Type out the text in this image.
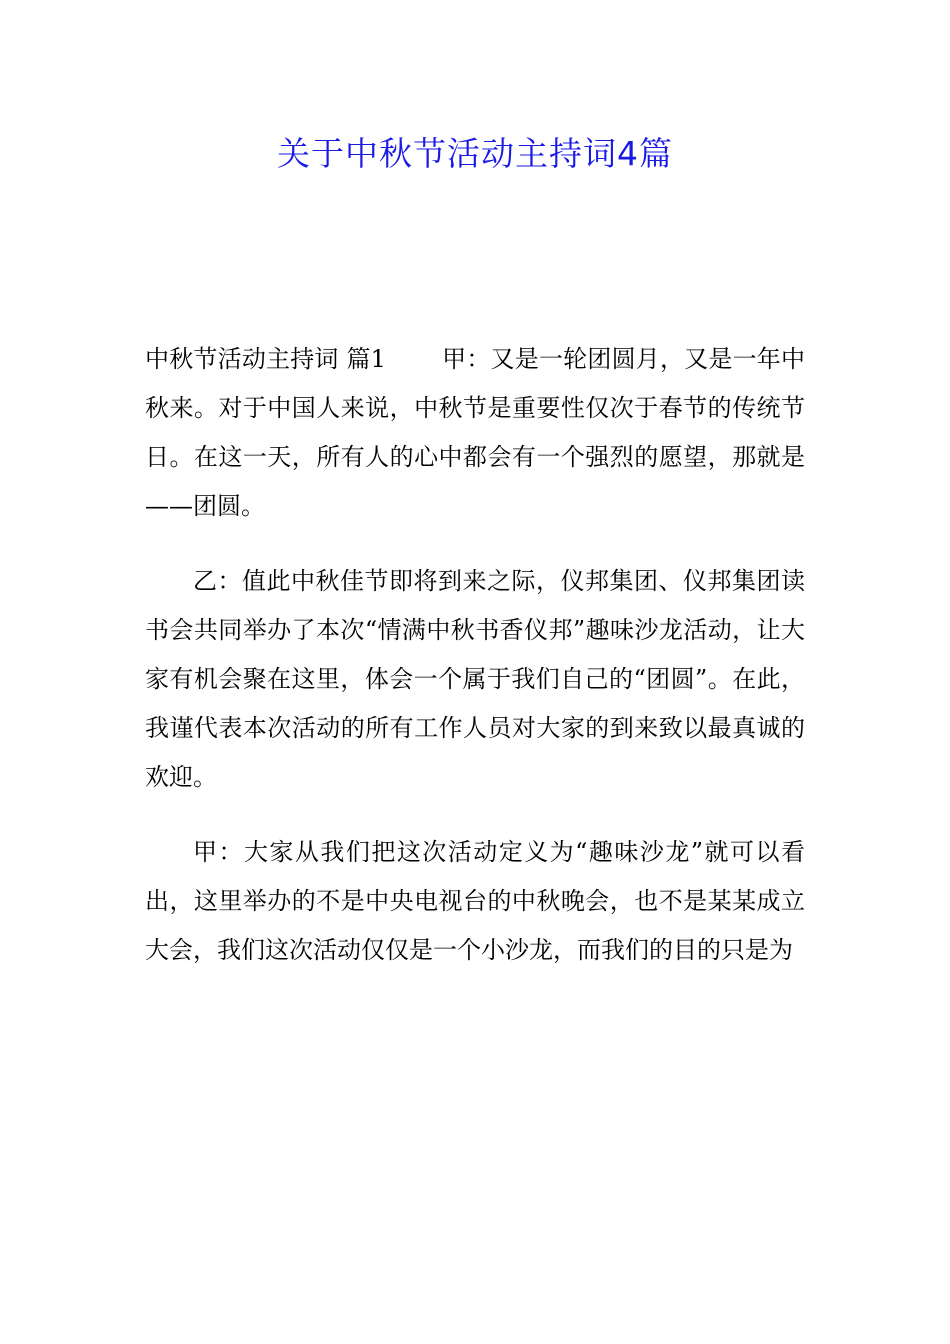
关于中秋节活动主持词4篇

中秋节活动主持词 篇1 甲：又是一轮团圆月，又是一年中秋来。对于中国人来说，中秋节是重要性仅次于春节的传统节日。在这一天，所有人的心中都会有一个强烈的愿望，那就是——团圆。

乙：值此中秋佳节即将到来之际，仪邦集团、仪邦集团读书会共同举办了本次“情满中秋书香仪邦”趣味沙龙活动，让大家有机会聚在这里，体会一个属于我们自己的“团圆”。在此，我谨代表本次活动的所有工作人员对大家的到来致以最真诚的欢迎。

甲：大家从我们把这次活动定义为“趣味沙龙”就可以看出，这里举办的不是中央电视台的中秋晚会，也不是某某成立大会，我们这次活动仅仅是一个小沙龙，而我们的目的只是为
